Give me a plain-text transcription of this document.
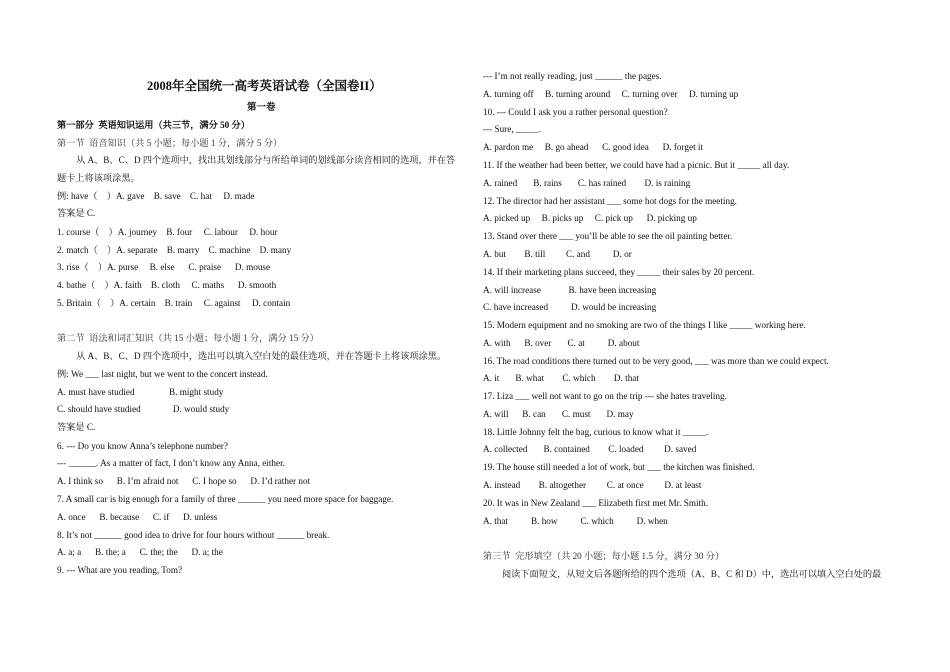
2008年全国统一高考英语试卷（全国卷II）
第一卷
第一部分  英语知识运用（共三节，满分 50 分）
第一节  语音知识（共 5 小题；每小题 1 分，满分 5 分）
从 A、B、C、D 四个选项中，找出其划线部分与所给单词的划线部分读音相同的选项，并在答
题卡上将该项涂黑。
例: have（    ）A. gave    B. save    C. hat     D. made
答案是 C.
1. course（    ）A. journey    B. four     C. labour     D. hour
2. match（    ）A. separate    B. marry    C. machine    D. many
3. rise（    ）A. purse     B. else      C. praise      D. mouse
4. bathe（    ）A. faith    B. cloth     C. maths      D. smooth
5. Britain（    ）A. certain    B. train     C. against     D. contain
第二节  语法和词汇知识（共 15 小题；每小题 1 分，满分 15 分）
从 A、B、C、D 四个选项中，选出可以填入空白处的最佳选项，并在答题卡上将该项涂黑。
例: We ___ last night, but we went to the concert instead.
A. must have studied               B. might study
C. should have studied              D. would study
答案是 C.
6. --- Do you know Anna’s telephone number?
--- ______. As a matter of fact, I don’t know any Anna, either.
A. I think so      B. I’m afraid not      C. I hope so      D. I’d rather not
7. A small car is big enough for a family of three ______ you need more space for baggage.
A. once      B. because      C. if      D. unless
8. It’s not ______ good idea to drive for four hours without ______ break.
A. a; a      B. the; a      C. the; the      D. a; the
9. --- What are you reading, Tom?
--- I’m not really reading, just ______ the pages.
A. turning off     B. turning around     C. turning over     D. turning up
10. --- Could I ask you a rather personal question?
--- Sure, _____.
A. pardon me     B. go ahead      C. good idea      D. forget it
11. If the weather had been better, we could have had a picnic. But it _____ all day.
A. rained       B. rains       C. has rained        D. is raining
12. The director had her assistant ___ some hot dogs for the meeting.
A. picked up     B. picks up     C. pick up      D. picking up
13. Stand over there ___ you’ll be able to see the oil painting better.
A. but        B. till         C. and          D. or
14. If their marketing plans succeed, they _____ their sales by 20 percent.
A. will increase            B. have been increasing
C. have increased          D. would be increasing
15. Modern equipment and no smoking are two of the things I like _____ working here.
A. with      B. over       C. at          D. about
16. The road conditions there turned out to be very good, ___ was more than we could expect.
A. it       B. what        C. which        D. that
17. Liza ___ well not want to go on the trip --- she hates traveling.
A. will      B. can       C. must       D. may
18. Little Johnny felt the bag, curious to know what it _____.
A. collected       B. contained        C. loaded         D. saved
19. The house still needed a lot of work, but ___ the kitchen was finished.
A. instead        B. altogether         C. at once         D. at least
20. It was in New Zealand ___ Elizabeth first met Mr. Smith.
A. that          B. how          C. which          D. when
第三节  完形填空（共 20 小题；每小题 1.5 分，满分 30 分）
阅读下面短文，从短文后各题所给的四个选项（A、B、C 和 D）中，选出可以填入空白处的最
